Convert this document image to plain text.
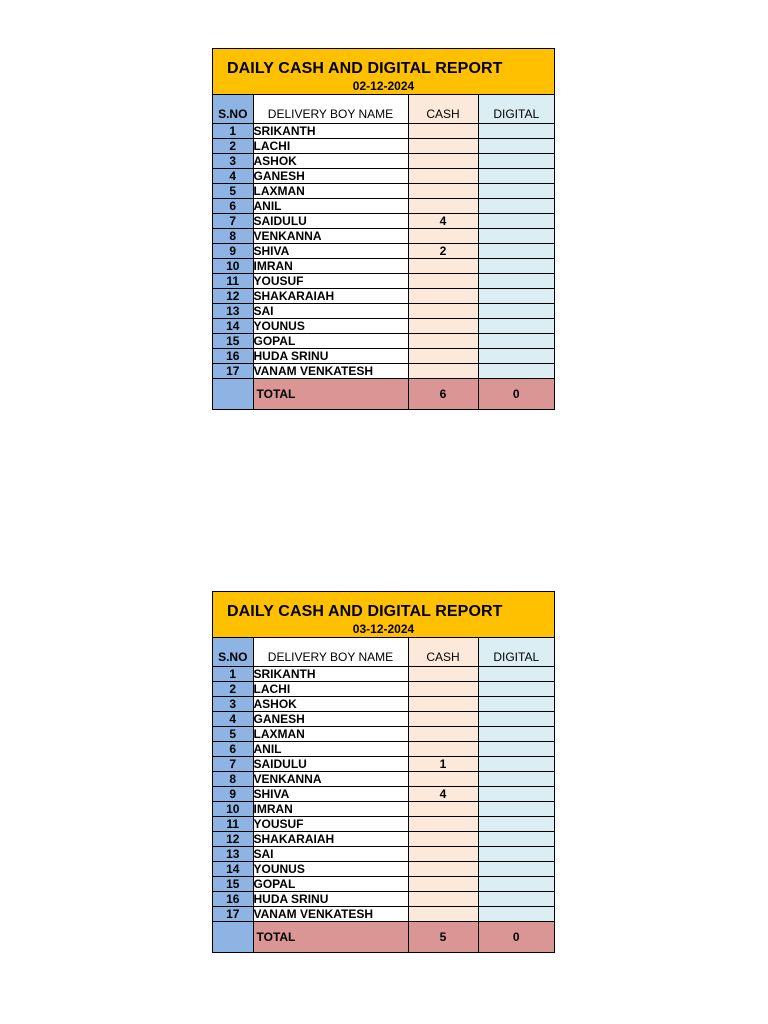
DAILY CASH AND DIGITAL REPORT
02-12-2024
S.NO	DELIVERY BOY NAME	CASH	DIGITAL
1	SRIKANTH		
2	LACHI		
3	ASHOK		
4	GANESH		
5	LAXMAN		
6	ANIL		
7	SAIDULU	4	
8	VENKANNA		
9	SHIVA	2	
10	IMRAN		
11	YOUSUF		
12	SHAKARAIAH		
13	SAI		
14	YOUNUS		
15	GOPAL		
16	HUDA SRINU		
17	VANAM VENKATESH		
	TOTAL	6	0
DAILY CASH AND DIGITAL REPORT
03-12-2024
S.NO	DELIVERY BOY NAME	CASH	DIGITAL
1	SRIKANTH		
2	LACHI		
3	ASHOK		
4	GANESH		
5	LAXMAN		
6	ANIL		
7	SAIDULU	1	
8	VENKANNA		
9	SHIVA	4	
10	IMRAN		
11	YOUSUF		
12	SHAKARAIAH		
13	SAI		
14	YOUNUS		
15	GOPAL		
16	HUDA SRINU		
17	VANAM VENKATESH		
	TOTAL	5	0
